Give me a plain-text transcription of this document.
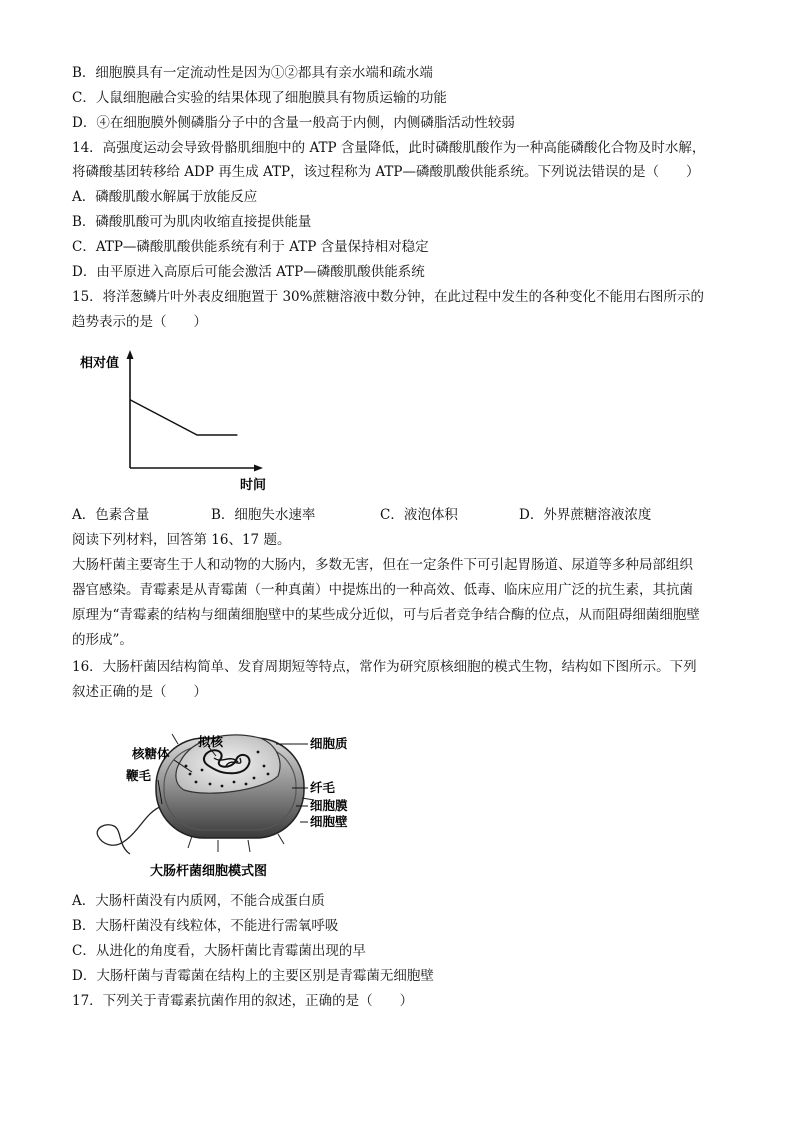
B．细胞膜具有一定流动性是因为①②都具有亲水端和疏水端
C．人鼠细胞融合实验的结果体现了细胞膜具有物质运输的功能
D．④在细胞膜外侧磷脂分子中的含量一般高于内侧，内侧磷脂活动性较弱
14．高强度运动会导致骨骼肌细胞中的 ATP 含量降低，此时磷酸肌酸作为一种高能磷酸化合物及时水解，
将磷酸基团转移给 ADP 再生成 ATP，该过程称为 ATP—磷酸肌酸供能系统。下列说法错误的是（　　）
A．磷酸肌酸水解属于放能反应
B．磷酸肌酸可为肌肉收缩直接提供能量
C．ATP—磷酸肌酸供能系统有利于 ATP 含量保持相对稳定
D．由平原进入高原后可能会激活 ATP—磷酸肌酸供能系统
15．将洋葱鳞片叶外表皮细胞置于 30%蔗糖溶液中数分钟，在此过程中发生的各种变化不能用右图所示的
趋势表示的是（　　）
相对值
时间
A．色素含量	B．细胞失水速率	C．液泡体积	D．外界蔗糖溶液浓度
阅读下列材料，回答第 16、17 题。
大肠杆菌主要寄生于人和动物的大肠内，多数无害，但在一定条件下可引起胃肠道、尿道等多种局部组织
器官感染。青霉素是从青霉菌（一种真菌）中提炼出的一种高效、低毒、临床应用广泛的抗生素，其抗菌
原理为“青霉素的结构与细菌细胞壁中的某些成分近似，可与后者竞争结合酶的位点，从而阻碍细菌细胞壁
的形成”。
16．大肠杆菌因结构简单、发育周期短等特点，常作为研究原核细胞的模式生物，结构如下图所示。下列
叙述正确的是（　　）
核糖体
拟核
鞭毛
细胞质
纤毛
细胞膜
细胞壁
大肠杆菌细胞模式图
A．大肠杆菌没有内质网，不能合成蛋白质
B．大肠杆菌没有线粒体，不能进行需氧呼吸
C．从进化的角度看，大肠杆菌比青霉菌出现的早
D．大肠杆菌与青霉菌在结构上的主要区别是青霉菌无细胞壁
17．下列关于青霉素抗菌作用的叙述，正确的是（　　）
